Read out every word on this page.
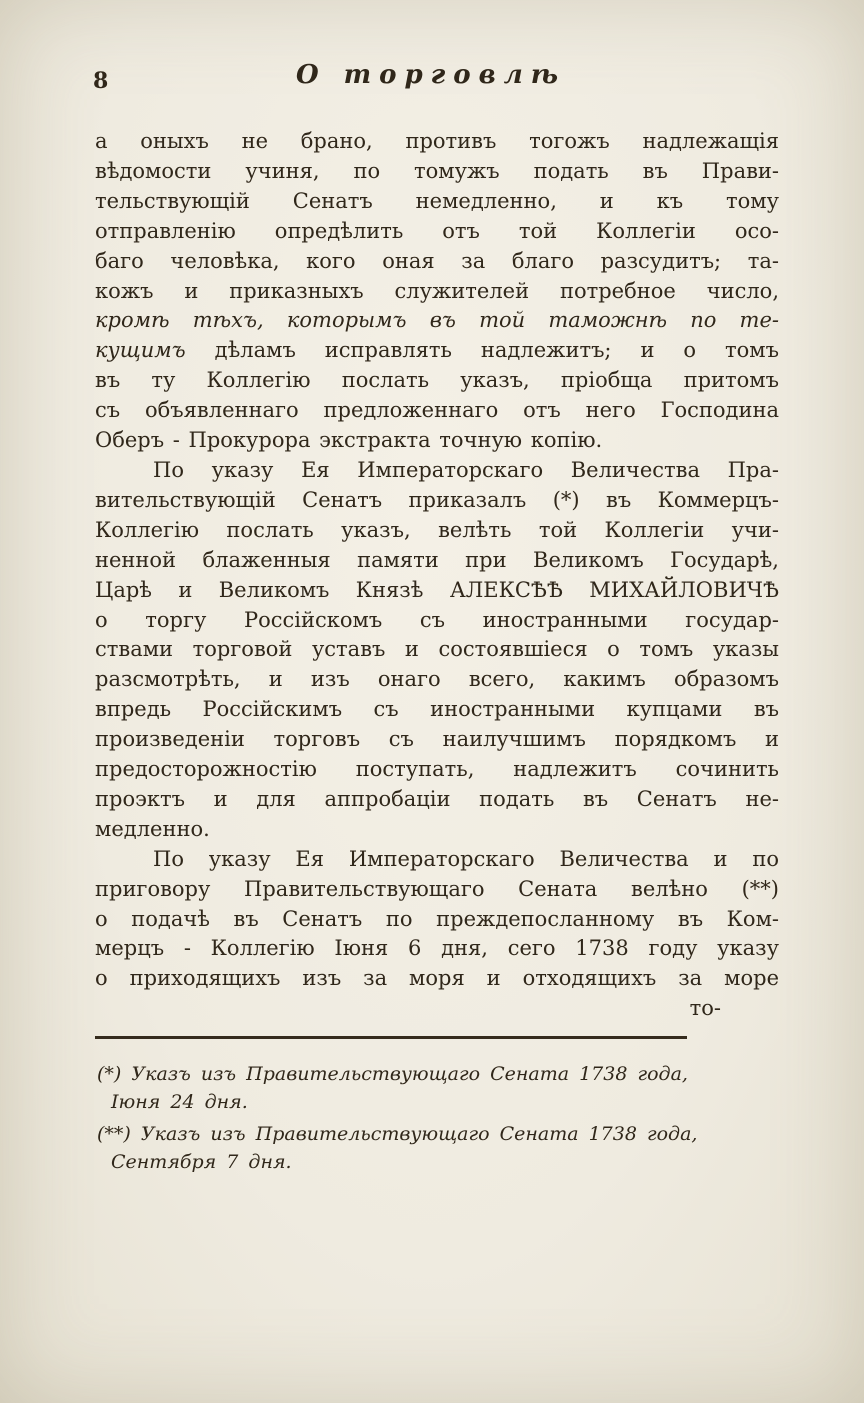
8	О торговлѣ
а оныхъ не брано, противъ тогожъ надлежащія
вѣдомости учиня, по томужъ подать въ Прави-
тельствующій Сенатъ немедленно, и къ тому
отправленію опредѣлить отъ той Коллегіи осо-
баго человѣка, кого оная за благо разсудитъ; та-
кожъ и приказныхъ служителей потребное число,
кромѣ тѣхъ, которымъ въ той таможнѣ по те-
кущимъ дѣламъ исправлять надлежитъ; и о томъ
въ ту Коллегію послать указъ, пріобща притомъ
съ объявленнаго предложеннаго отъ него Господина
Оберъ - Прокурора экстракта точную копію.
По указу Ея Императорскаго Величества Пра-
вительствующій Сенатъ приказалъ (*) въ Коммерцъ-
Коллегію послать указъ, велѣть той Коллегіи учи-
ненной блаженныя памяти при Великомъ Государѣ,
Царѣ и Великомъ Князѣ АЛЕКСѢѢ МИХАЙЛОВИЧѢ
о торгу Россійскомъ съ иностранными государ-
ствами торговой уставъ и состоявшіеся о томъ указы
разсмотрѣть, и изъ онаго всего, какимъ образомъ
впредь Россійскимъ съ иностранными купцами въ
произведеніи торговъ съ наилучшимъ порядкомъ и
предосторожностію поступать, надлежитъ сочинить
проэктъ и для аппробаціи подать въ Сенатъ не-
медленно.
По указу Ея Императорскаго Величества и по
приговору Правительствующаго Сената велѣно (**)
о подачѣ въ Сенатъ по преждепосланному въ Ком-
мерцъ - Коллегію Іюня 6 дня, сего 1738 году указу
о приходящихъ изъ за моря и отходящихъ за море
то-
(*) Указъ изъ Правительствующаго Сената 1738 года,
Іюня 24 дня.
(**) Указъ изъ Правительствующаго Сената 1738 года,
Сентября 7 дня.
